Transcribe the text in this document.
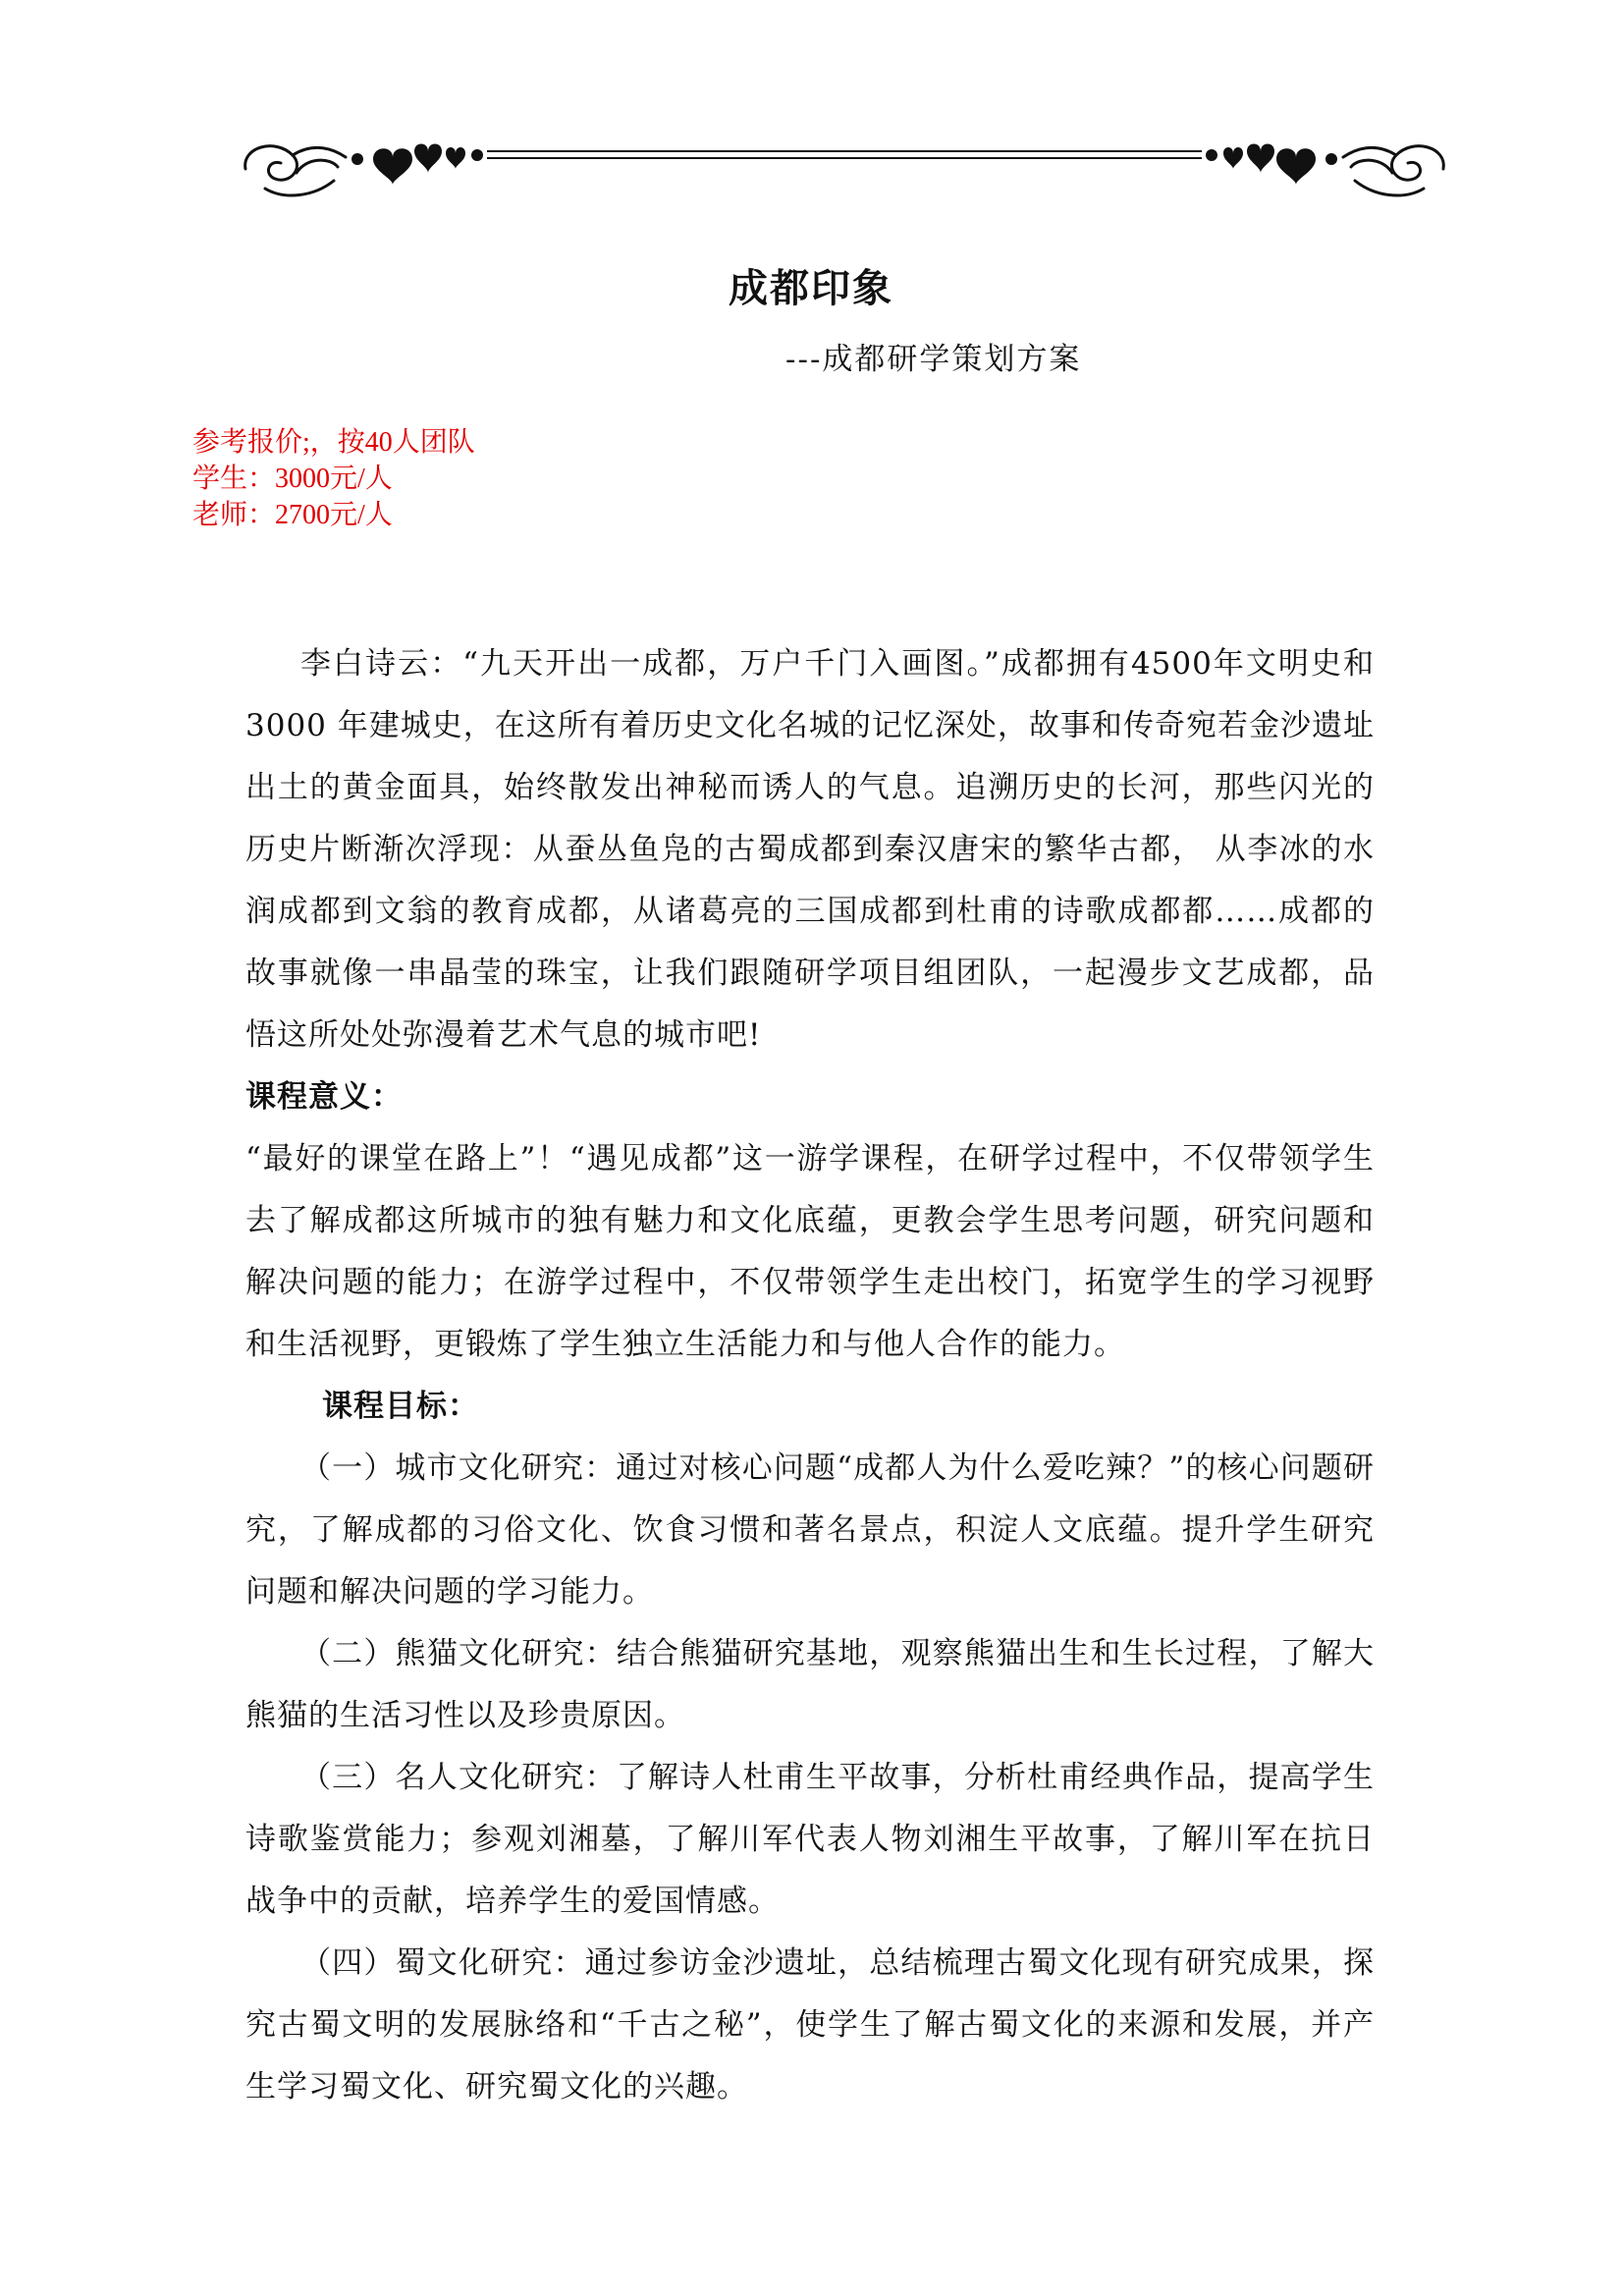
成都印象
---成都研学策划方案
参考报价;，按40人团队
学生：3000元/人
老师：2700元/人

李白诗云：“九天开出一成都，万户千门入画图。”成都拥有4500年文明史和3000 年建城史，在这所有着历史文化名城的记忆深处，故事和传奇宛若金沙遗址出土的黄金面具，始终散发出神秘而诱人的气息。追溯历史的长河，那些闪光的历史片断渐次浮现：从蚕丛鱼凫的古蜀成都到秦汉唐宋的繁华古都， 从李冰的水润成都到文翁的教育成都，从诸葛亮的三国成都到杜甫的诗歌成都都……成都的故事就像一串晶莹的珠宝，让我们跟随研学项目组团队，一起漫步文艺成都，品悟这所处处弥漫着艺术气息的城市吧!

课程意义：

“最好的课堂在路上”！“遇见成都”这一游学课程，在研学过程中，不仅带领学生去了解成都这所城市的独有魅力和文化底蕴，更教会学生思考问题，研究问题和解决问题的能力；在游学过程中，不仅带领学生走出校门，拓宽学生的学习视野和生活视野，更锻炼了学生独立生活能力和与他人合作的能力。

课程目标：

（一）城市文化研究：通过对核心问题“成都人为什么爱吃辣？”的核心问题研究，了解成都的习俗文化、饮食习惯和著名景点，积淀人文底蕴。提升学生研究问题和解决问题的学习能力。

（二）熊猫文化研究：结合熊猫研究基地，观察熊猫出生和生长过程，了解大熊猫的生活习性以及珍贵原因。

（三）名人文化研究：了解诗人杜甫生平故事，分析杜甫经典作品，提高学生诗歌鉴赏能力；参观刘湘墓，了解川军代表人物刘湘生平故事，了解川军在抗日战争中的贡献，培养学生的爱国情感。

（四）蜀文化研究：通过参访金沙遗址，总结梳理古蜀文化现有研究成果，探究古蜀文明的发展脉络和“千古之秘”，使学生了解古蜀文化的来源和发展，并产生学习蜀文化、研究蜀文化的兴趣。
